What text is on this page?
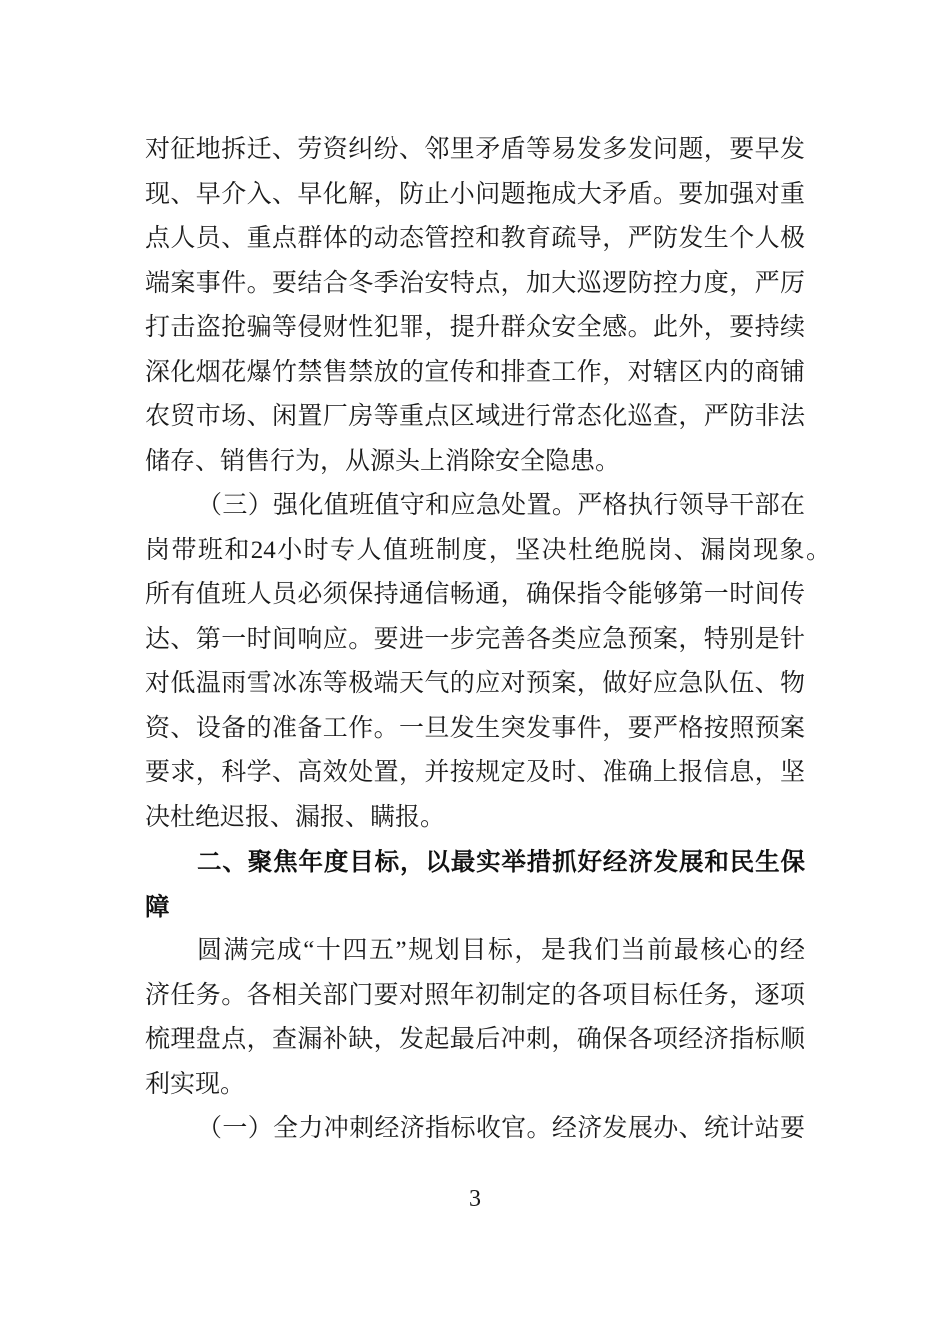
对征地拆迁、劳资纠纷、邻里矛盾等易发多发问题，要早发
现、早介入、早化解，防止小问题拖成大矛盾。要加强对重
点人员、重点群体的动态管控和教育疏导，严防发生个人极
端案事件。要结合冬季治安特点，加大巡逻防控力度，严厉
打击盗抢骗等侵财性犯罪，提升群众安全感。此外，要持续
深化烟花爆竹禁售禁放的宣传和排查工作，对辖区内的商铺
农贸市场、闲置厂房等重点区域进行常态化巡查，严防非法
储存、销售行为，从源头上消除安全隐患。
（三）强化值班值守和应急处置。严格执行领导干部在
岗带班和24小时专人值班制度，坚决杜绝脱岗、漏岗现象。
所有值班人员必须保持通信畅通，确保指令能够第一时间传
达、第一时间响应。要进一步完善各类应急预案，特别是针
对低温雨雪冰冻等极端天气的应对预案，做好应急队伍、物
资、设备的准备工作。一旦发生突发事件，要严格按照预案
要求，科学、高效处置，并按规定及时、准确上报信息，坚
决杜绝迟报、漏报、瞒报。
二、聚焦年度目标，以最实举措抓好经济发展和民生保
障
圆满完成“十四五”规划目标，是我们当前最核心的经
济任务。各相关部门要对照年初制定的各项目标任务，逐项
梳理盘点，查漏补缺，发起最后冲刺，确保各项经济指标顺
利实现。
（一）全力冲刺经济指标收官。经济发展办、统计站要
3
